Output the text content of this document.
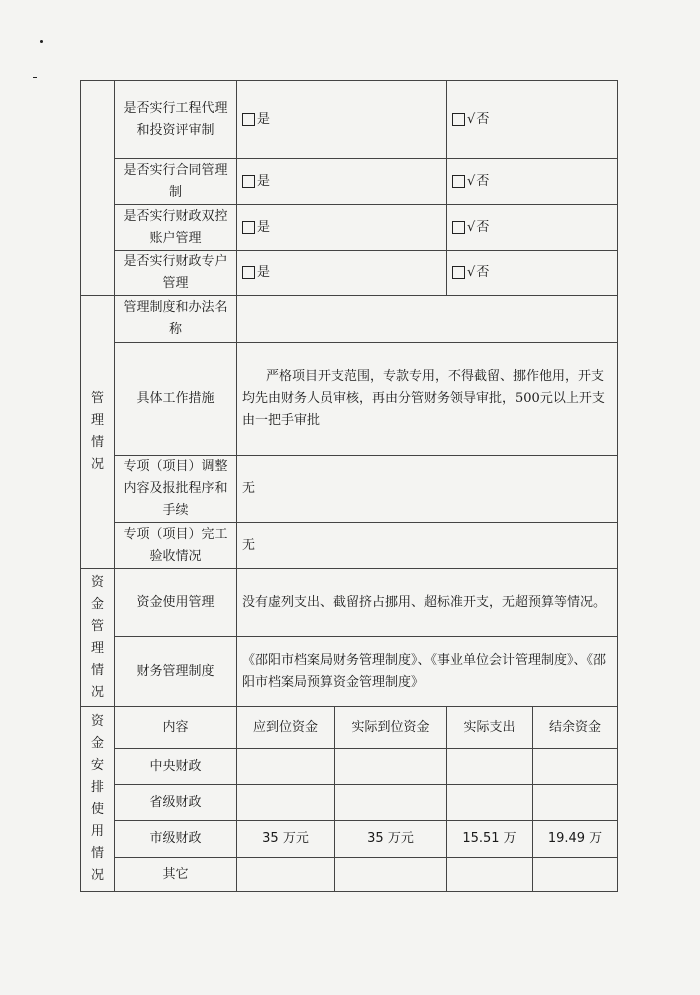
	是否实行工程代理和投资评审制	是		√否	
	是否实行合同管理制	是		√否	
	是否实行财政双控账户管理	是		√否	
	是否实行财政专户管理	是		√否	
管理情况	管理制度和办法名称				
	具体工作措施	严格项目开支范围，专款专用，不得截留、挪作他用，开支均先由财务人员审核，再由分管财务领导审批，500元以上开支由一把手审批			
	专项（项目）调整内容及报批程序和手续	无			
	专项（项目）完工验收情况	无			
资金管理情况	资金使用管理	没有虚列支出、截留挤占挪用、超标准开支，无超预算等情况。			
	财务管理制度	《邵阳市档案局财务管理制度》、《事业单位会计管理制度》、《邵阳市档案局预算资金管理制度》			
资金安排使用情况	内容	应到位资金	实际到位资金	实际支出	结余资金
	中央财政				
	省级财政				
	市级财政	35 万元	35 万元	15.51 万	19.49 万
	其它				
